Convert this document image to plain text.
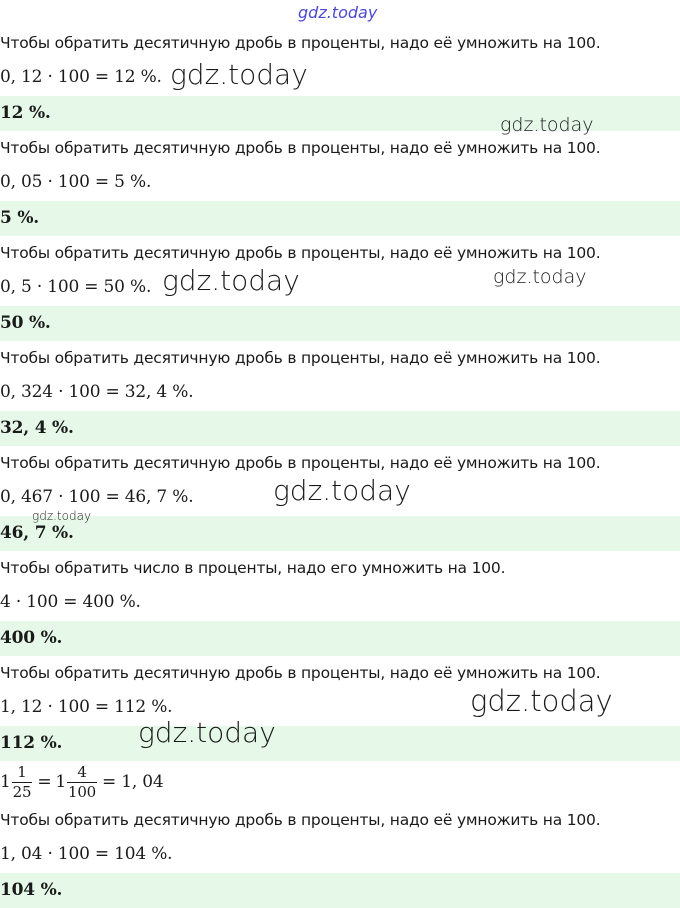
Чтобы обратить десятичную дробь в проценты, надо её умножить на 100.
0, 12 · 100 = 12 %.
12 %.
Чтобы обратить десятичную дробь в проценты, надо её умножить на 100.
0, 05 · 100 = 5 %.
5 %.
Чтобы обратить десятичную дробь в проценты, надо её умножить на 100.
0, 5 · 100 = 50 %.
50 %.
Чтобы обратить десятичную дробь в проценты, надо её умножить на 100.
0, 324 · 100 = 32, 4 %.
32, 4 %.
Чтобы обратить десятичную дробь в проценты, надо её умножить на 100.
0, 467 · 100 = 46, 7 %.
46, 7 %.
Чтобы обратить число в проценты, надо его умножить на 100.
4 · 100 = 400 %.
400 %.
Чтобы обратить десятичную дробь в проценты, надо её умножить на 100.
1, 12 · 100 = 112 %.
112 %.
$1 \frac{1}{25} = 1 \frac{4}{100} = 1$, 04
Чтобы обратить десятичную дробь в проценты, надо её умножить на 100.
1, 04 · 100 = 104 %.
104 %.
gdz.today
gdz.today
gdz.today
gdz.today	gdz.today
gdz.today
gdz.today
gdz.today
gdz.today
